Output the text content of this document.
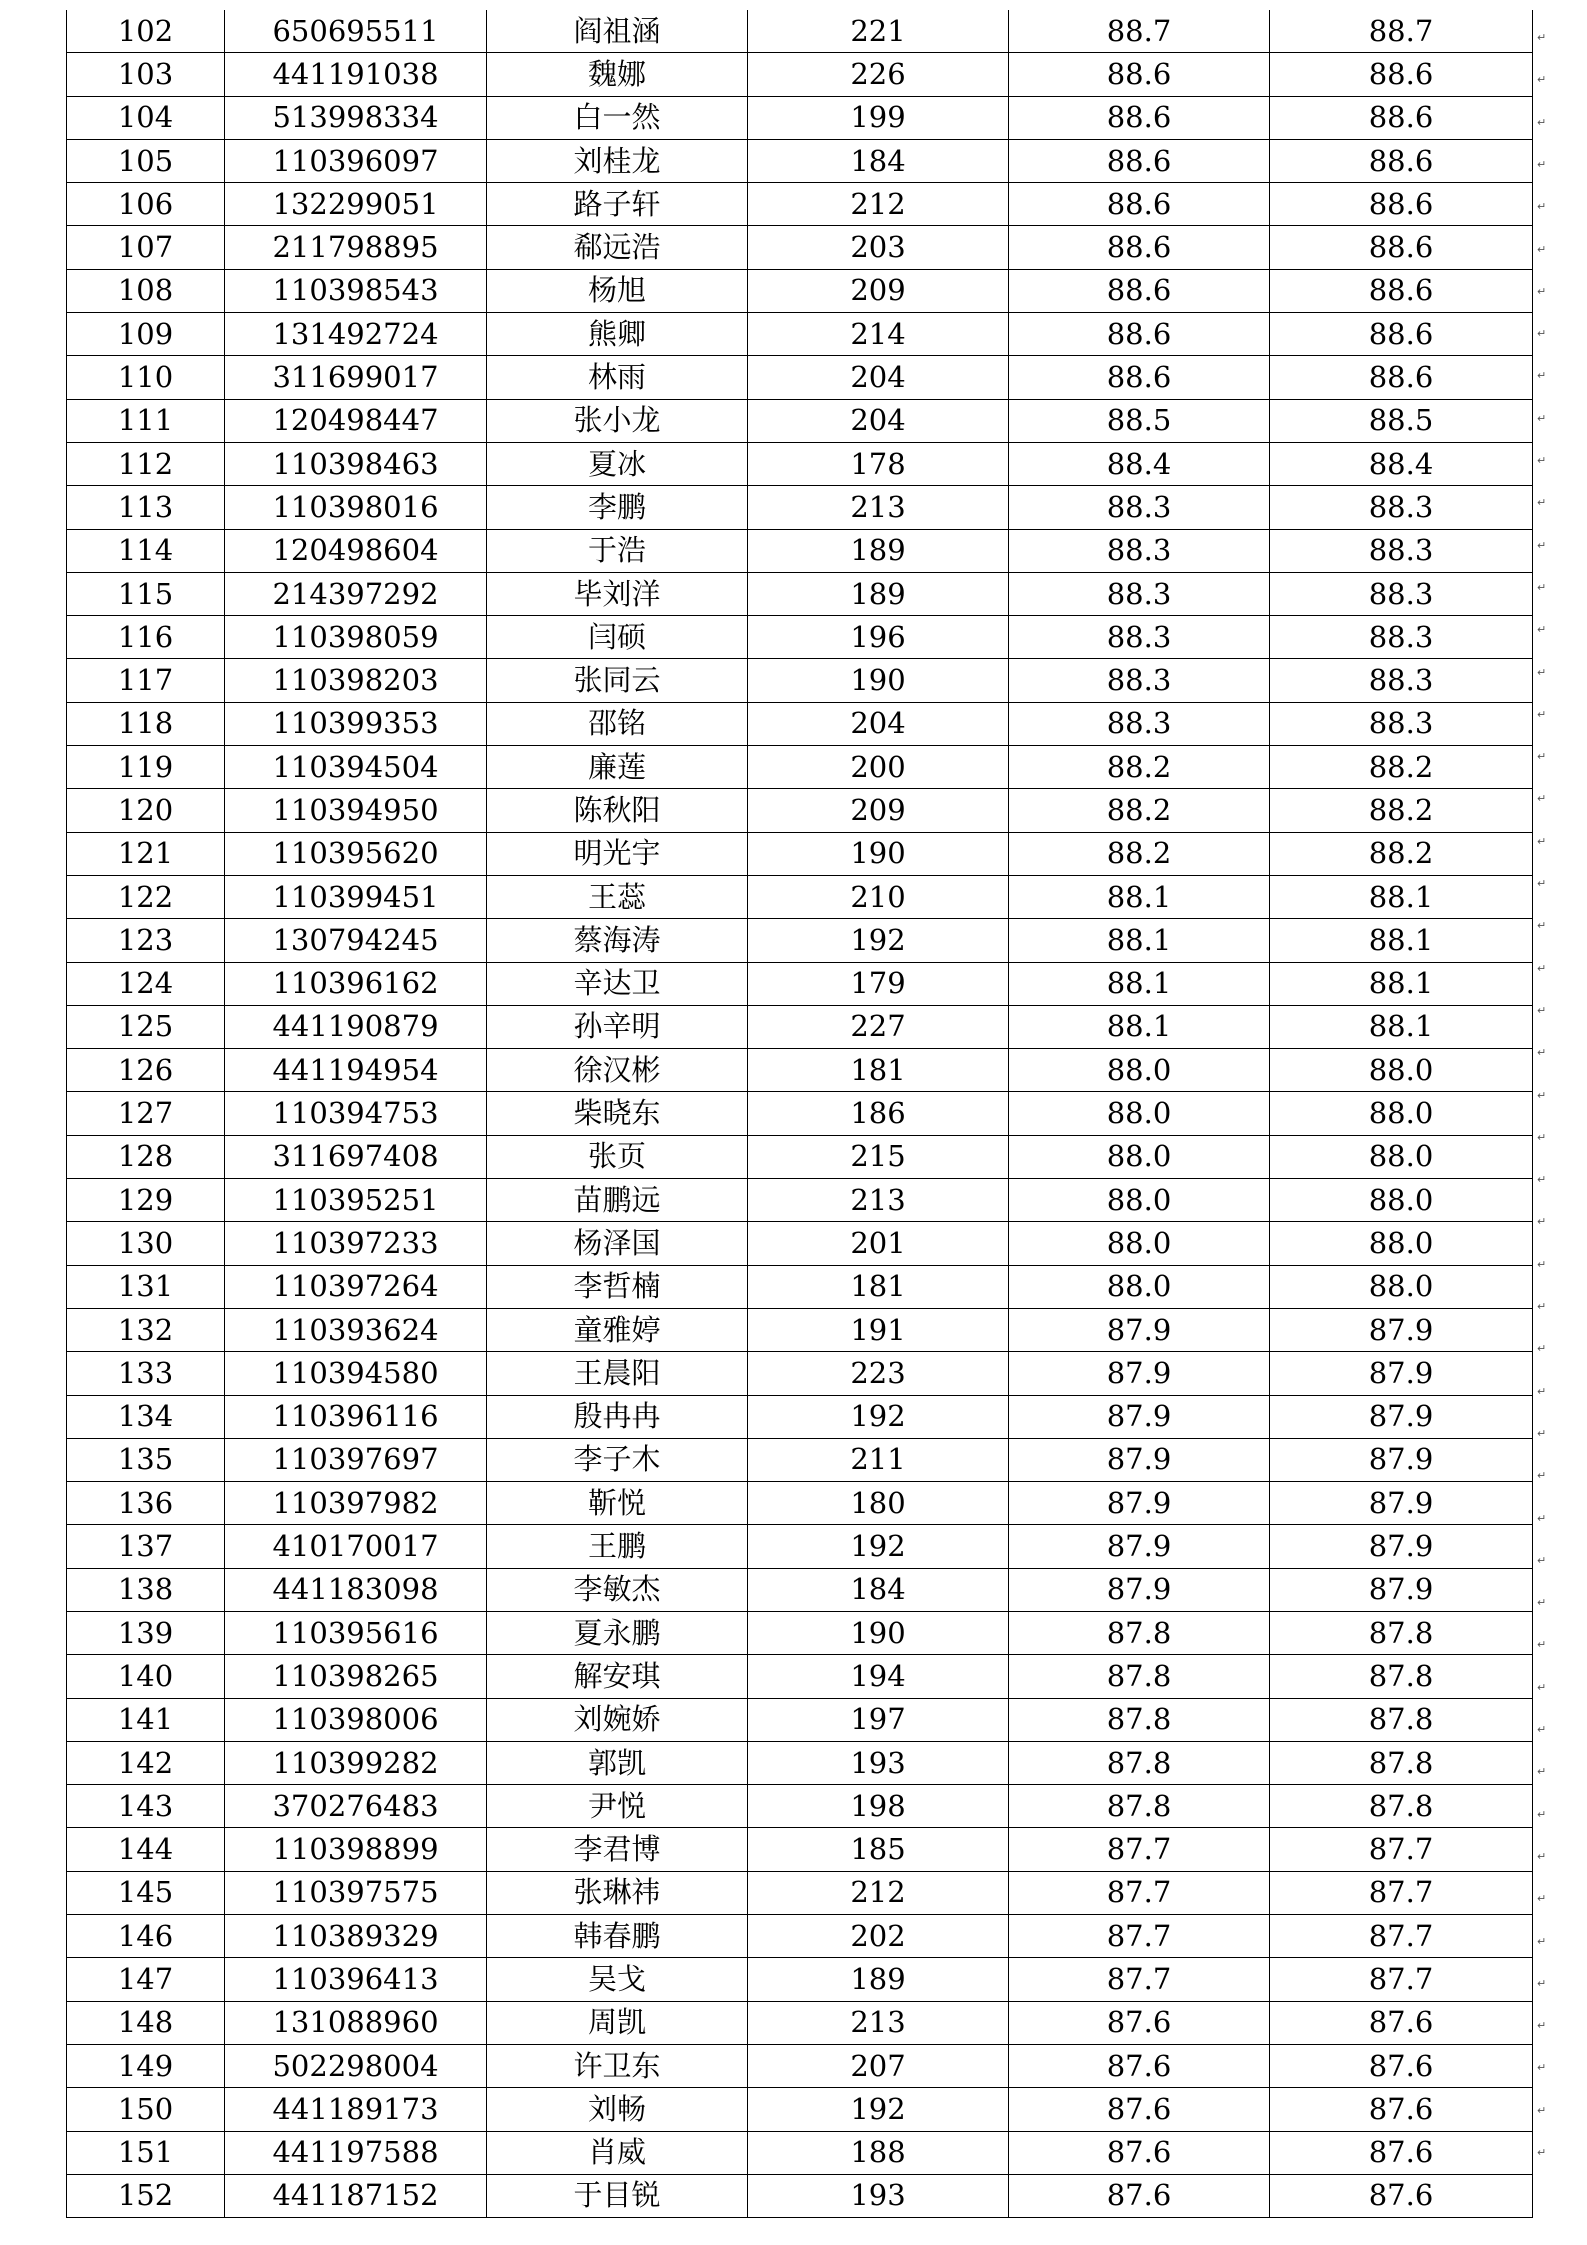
102	650695511	阎祖涵	221	88.7	88.7
103	441191038	魏娜	226	88.6	88.6
104	513998334	白一然	199	88.6	88.6
105	110396097	刘桂龙	184	88.6	88.6
106	132299051	路子轩	212	88.6	88.6
107	211798895	郗远浩	203	88.6	88.6
108	110398543	杨旭	209	88.6	88.6
109	131492724	熊卿	214	88.6	88.6
110	311699017	林雨	204	88.6	88.6
111	120498447	张小龙	204	88.5	88.5
112	110398463	夏冰	178	88.4	88.4
113	110398016	李鹏	213	88.3	88.3
114	120498604	于浩	189	88.3	88.3
115	214397292	毕刘洋	189	88.3	88.3
116	110398059	闫硕	196	88.3	88.3
117	110398203	张同云	190	88.3	88.3
118	110399353	邵铭	204	88.3	88.3
119	110394504	廉莲	200	88.2	88.2
120	110394950	陈秋阳	209	88.2	88.2
121	110395620	明光宇	190	88.2	88.2
122	110399451	王蕊	210	88.1	88.1
123	130794245	蔡海涛	192	88.1	88.1
124	110396162	辛达卫	179	88.1	88.1
125	441190879	孙辛明	227	88.1	88.1
126	441194954	徐汉彬	181	88.0	88.0
127	110394753	柴晓东	186	88.0	88.0
128	311697408	张页	215	88.0	88.0
129	110395251	苗鹏远	213	88.0	88.0
130	110397233	杨泽国	201	88.0	88.0
131	110397264	李哲楠	181	88.0	88.0
132	110393624	童雅婷	191	87.9	87.9
133	110394580	王晨阳	223	87.9	87.9
134	110396116	殷冉冉	192	87.9	87.9
135	110397697	李子木	211	87.9	87.9
136	110397982	靳悦	180	87.9	87.9
137	410170017	王鹏	192	87.9	87.9
138	441183098	李敏杰	184	87.9	87.9
139	110395616	夏永鹏	190	87.8	87.8
140	110398265	解安琪	194	87.8	87.8
141	110398006	刘婉娇	197	87.8	87.8
142	110399282	郭凯	193	87.8	87.8
143	370276483	尹悦	198	87.8	87.8
144	110398899	李君博	185	87.7	87.7
145	110397575	张琳祎	212	87.7	87.7
146	110389329	韩春鹏	202	87.7	87.7
147	110396413	吴戈	189	87.7	87.7
148	131088960	周凯	213	87.6	87.6
149	502298004	许卫东	207	87.6	87.6
150	441189173	刘畅	192	87.6	87.6
151	441197588	肖威	188	87.6	87.6
152	441187152	于目锐	193	87.6	87.6
↵
↵
↵
↵
↵
↵
↵
↵
↵
↵
↵
↵
↵
↵
↵
↵
↵
↵
↵
↵
↵
↵
↵
↵
↵
↵
↵
↵
↵
↵
↵
↵
↵
↵
↵
↵
↵
↵
↵
↵
↵
↵
↵
↵
↵
↵
↵
↵
↵
↵
↵
